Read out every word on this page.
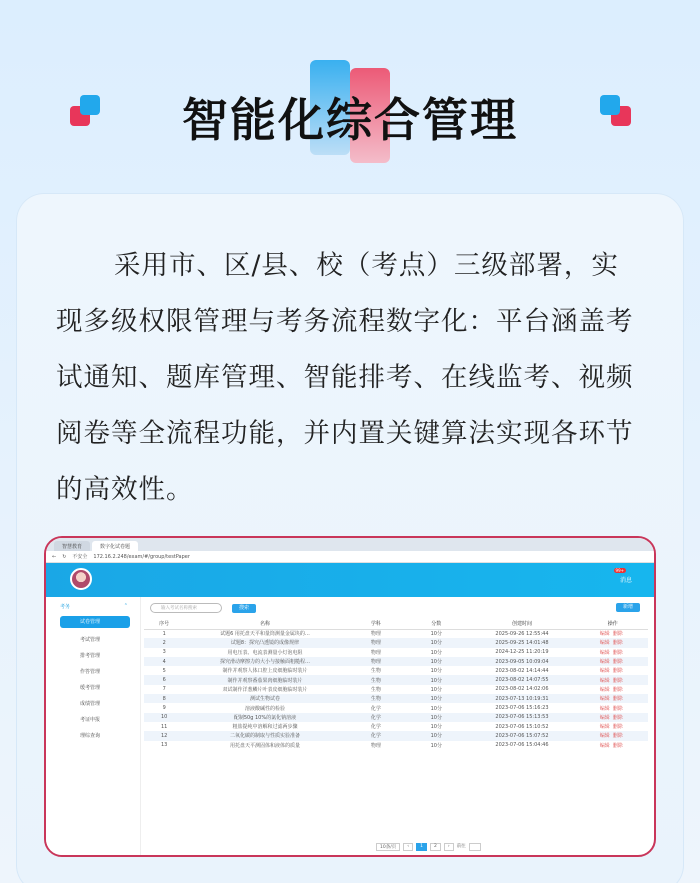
智能化综合管理
采用市、区/县、校（考点）三级部署，实现多级权限管理与考务流程数字化：平台涵盖考试通知、题库管理、智能排考、在线监考、视频阅卷等全流程功能，并内置关键算法实现各环节的高效性。
智慧教育	数字化试卷题
← ↻ 不安全 172.16.2.248/exam/#/group/testPaper
99+
消息
考务	⌃
试卷管理
考试管理
排考管理
作答管理
缓考管理
成绩管理
考证申报
理综查询
输入考试名称搜索	搜索	新增
序号	名称	学科	分数	创建时间	操作
1	试题6 用托盘天平和量筒测量金属块的…	物理	10分	2025-09-26 12:55:44	编辑 删除
2	试题8：探究凸透镜的成像规律	物理	10分	2025-09-25 14:01:48	编辑 删除
3	用电压表、电流表测量小灯泡电阻	物理	10分	2024-12-25 11:20:19	编辑 删除
4	探究滑动摩擦力的大小与接触面粗糙程…	物理	10分	2023-09-05 10:09:04	编辑 删除
5	制作并观察人体口腔上皮细胞临时装片	生物	10分	2023-08-02 14:14:44	编辑 删除
6	制作并观察番茄果肉细胞临时装片	生物	10分	2023-08-02 14:07:55	编辑 删除
7	双试制作洋葱鳞片叶表皮细胞临时装片	生物	10分	2023-08-02 14:02:06	编辑 删除
8	测试生物试卷	生物	10分	2023-07-13 10:19:31	编辑 删除
9	溶液酸碱性的检验	化学	10分	2023-07-06 15:16:23	编辑 删除
10	配制50g 10%的氯化钠溶液	化学	10分	2023-07-06 15:13:53	编辑 删除
11	粗盐提纯中溶解和过滤两步骤	化学	10分	2023-07-06 15:10:52	编辑 删除
12	二氧化碳的制取与性质实验准备	化学	10分	2023-07-06 15:07:52	编辑 删除
13	用托盘天平测固体和液体的质量	物理	10分	2023-07-06 15:04:46	编辑 删除
10条/页	‹	1	2	›	前往
